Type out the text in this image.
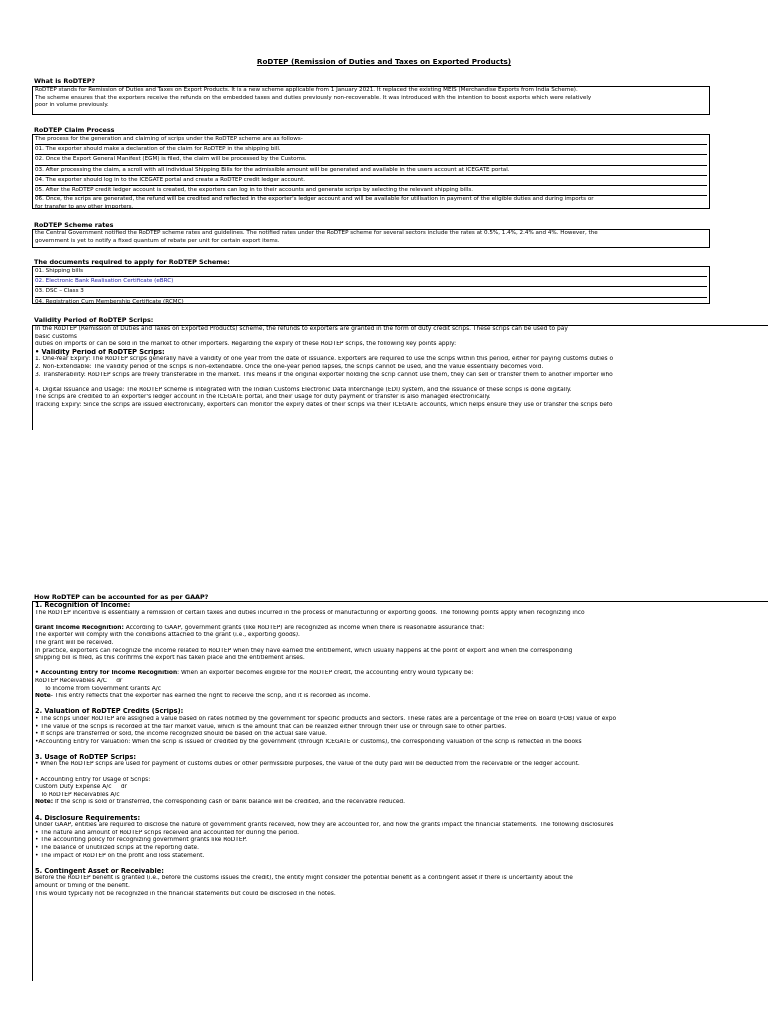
RoDTEP (Remission of Duties and Taxes on Exported Products)
What is RoDTEP?
RoDTEP stands for Remission of Duties and Taxes on Export Products. It is a new scheme applicable from 1 January 2021. It replaced the existing MEIS (Merchandise Exports from India Scheme).
The scheme ensures that the exporters receive the refunds on the embedded taxes and duties previously non-recoverable. It was introduced with the intention to boost exports which were relatively
poor in volume previously.
RoDTEP Claim Process
The process for the generation and claiming of scrips under the RoDTEP scheme are as follows-
01. The exporter should make a declaration of the claim for RoDTEP in the shipping bill.
02. Once the Export General Manifest (EGM) is filed, the claim will be processed by the Customs.
03. After processing the claim, a scroll with all individual Shipping Bills for the admissible amount will be generated and available in the users account at ICEGATE portal.
04. The exporter should log in to the ICEGATE portal and create a RoDTEP credit ledger account.
05. After the RoDTEP credit ledger account is created, the exporters can log in to their accounts and generate scrips by selecting the relevant shipping bills.
06. Once, the scrips are generated, the refund will be credited and reflected in the exporter's ledger account and will be available for utilisation in payment of the eligible duties and during imports or
for transfer to any other importers.
RoDTEP Scheme rates
the Central Government notified the RoDTEP scheme rates and guidelines. The notified rates under the RoDTEP scheme for several sectors include the rates at 0.5%, 1.4%, 2.4% and 4%. However, the
government is yet to notify a fixed quantum of rebate per unit for certain export items.
The documents required to apply for RoDTEP Scheme:
01. Shipping bills
02. Electronic Bank Realisation Certificate (eBRC)
03. DSC – Class 3
04. Registration Cum Membership Certificate (RCMC)
Validity Period of RoDTEP Scrips:
In the RoDTEP (Remission of Duties and Taxes on Exported Products) scheme, the refunds to exporters are granted in the form of duty credit scrips. These scrips can be used to pay
basic customs
duties on imports or can be sold in the market to other importers. Regarding the expiry of these RoDTEP scrips, the following key points apply:
• Validity Period of RoDTEP Scrips:
1. One-Year Expiry: The RoDTEP scrips generally have a validity of one year from the date of issuance. Exporters are required to use the scrips within this period, either for paying customs duties o
2. Non-Extendable: The validity period of the scrips is non-extendable. Once the one-year period lapses, the scrips cannot be used, and the value essentially becomes void.
3. Transferability: RoDTEP scrips are freely transferable in the market. This means if the original exporter holding the scrip cannot use them, they can sell or transfer them to another importer who
4. Digital Issuance and Usage: The RoDTEP scheme is integrated with the Indian Customs Electronic Data Interchange (EDI) system, and the issuance of these scrips is done digitally.
The scrips are credited to an exporter's ledger account in the ICEGATE portal, and their usage for duty payment or transfer is also managed electronically.
Tracking Expiry: Since the scrips are issued electronically, exporters can monitor the expiry dates of their scrips via their ICEGATE accounts, which helps ensure they use or transfer the scrips befo
How RoDTEP can be accounted for as per GAAP?
1. Recognition of Income:
The RoDTEP incentive is essentially a remission of certain taxes and duties incurred in the process of manufacturing or exporting goods. The following points apply when recognizing inco
Grant Income Recognition: According to GAAP, government grants (like RoDTEP) are recognized as income when there is reasonable assurance that:
The exporter will comply with the conditions attached to the grant (i.e., exporting goods).
The grant will be received.
In practice, exporters can recognize the income related to RoDTEP when they have earned the entitlement, which usually happens at the point of export and when the corresponding
shipping bill is filed, as this confirms the export has taken place and the entitlement arises.
• Accounting Entry for Income Recognition: When an exporter becomes eligible for the RoDTEP credit, the accounting entry would typically be:
RoDTEP Receivables A/C     dr
To Income from Government Grants A/c
Note- This entry reflects that the exporter has earned the right to receive the scrip, and it is recorded as income.
2. Valuation of RoDTEP Credits (Scrips):
• The scrips under RoDTEP are assigned a value based on rates notified by the government for specific products and sectors. These rates are a percentage of the Free on Board (FOB) value of expo
• The value of the scrips is recorded at the fair market value, which is the amount that can be realized either through their use or through sale to other parties.
• If scrips are transferred or sold, the income recognized should be based on the actual sale value.
•Accounting Entry for Valuation: When the scrip is issued or credited by the government (through ICEGATE or customs), the corresponding valuation of the scrip is reflected in the books
3. Usage of RoDTEP Scrips:
• When the RoDTEP scrips are used for payment of customs duties or other permissible purposes, the value of the duty paid will be deducted from the receivable or the ledger account.
• Accounting Entry for Usage of Scrips:
Custom Duty Expense A/c     dr
To RoDTEP Receivables A/c
Note: If the scrip is sold or transferred, the corresponding cash or bank balance will be credited, and the receivable reduced.
4. Disclosure Requirements:
Under GAAP, entities are required to disclose the nature of government grants received, how they are accounted for, and how the grants impact the financial statements. The following disclosures
• The nature and amount of RoDTEP scrips received and accounted for during the period.
• The accounting policy for recognizing government grants like RoDTEP.
• The balance of unutilized scrips at the reporting date.
• The impact of RoDTEP on the profit and loss statement.
5. Contingent Asset or Receivable:
Before the RoDTEP benefit is granted (i.e., before the customs issues the credit), the entity might consider the potential benefit as a contingent asset if there is uncertainty about the
amount or timing of the benefit.
This would typically not be recognized in the financial statements but could be disclosed in the notes.
